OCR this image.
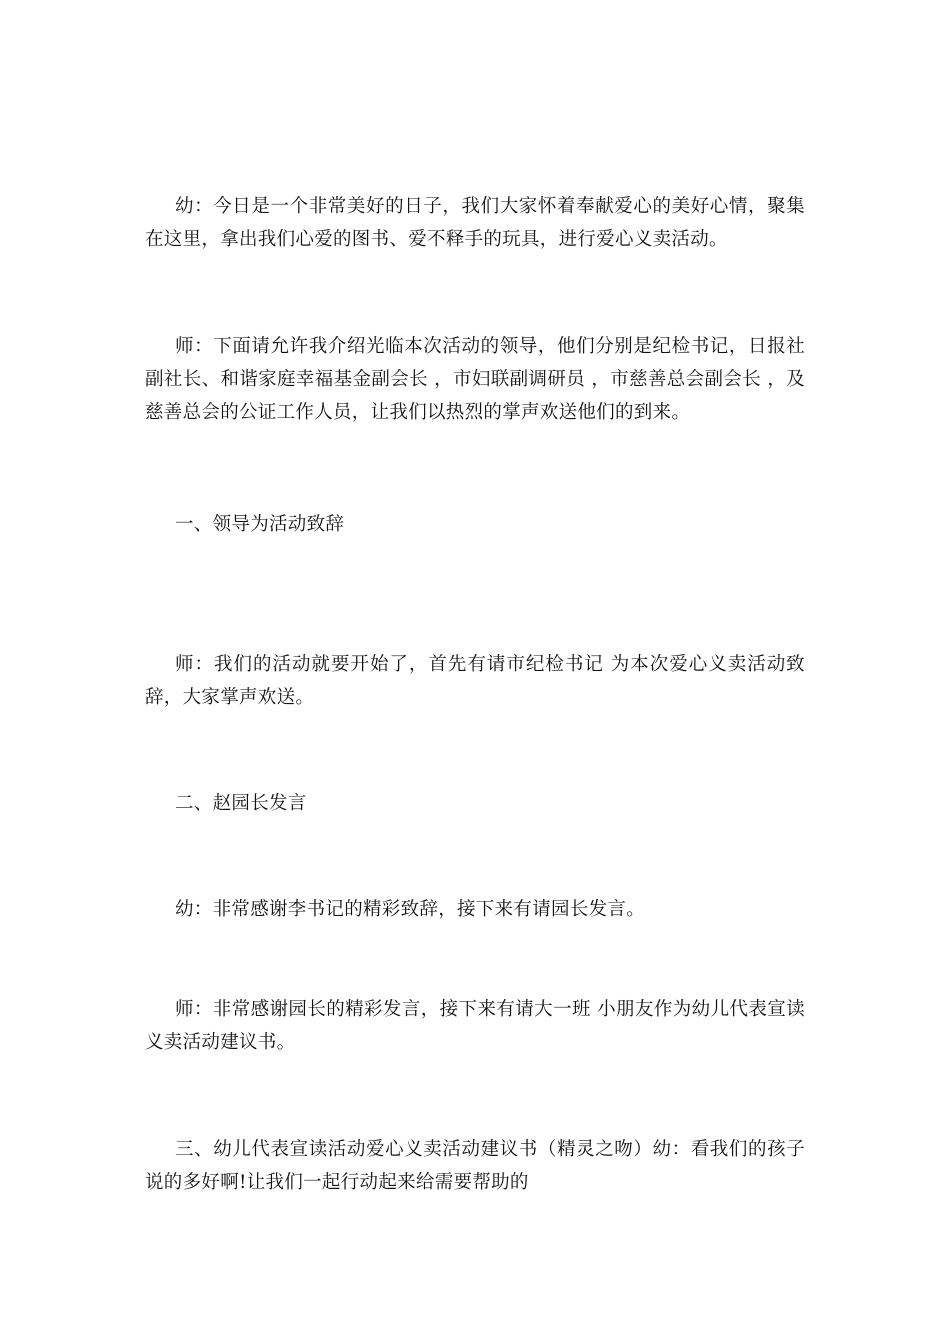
幼：今日是一个非常美好的日子，我们大家怀着奉献爱心的美好心情，聚集在这里，拿出我们心爱的图书、爱不释手的玩具，进行爱心义卖活动。

师：下面请允许我介绍光临本次活动的领导，他们分别是纪检书记，日报社副社长、和谐家庭幸福基金副会长 ，市妇联副调研员 ，市慈善总会副会长 ，及慈善总会的公证工作人员，让我们以热烈的掌声欢送他们的到来。

一、领导为活动致辞

师：我们的活动就要开始了，首先有请市纪检书记 为本次爱心义卖活动致辞，大家掌声欢送。

二、赵园长发言

幼：非常感谢李书记的精彩致辞，接下来有请园长发言。

师：非常感谢园长的精彩发言，接下来有请大一班 小朋友作为幼儿代表宣读义卖活动建议书。

三、幼儿代表宣读活动爱心义卖活动建议书（精灵之吻）幼：看我们的孩子说的多好啊!让我们一起行动起来给需要帮助的
